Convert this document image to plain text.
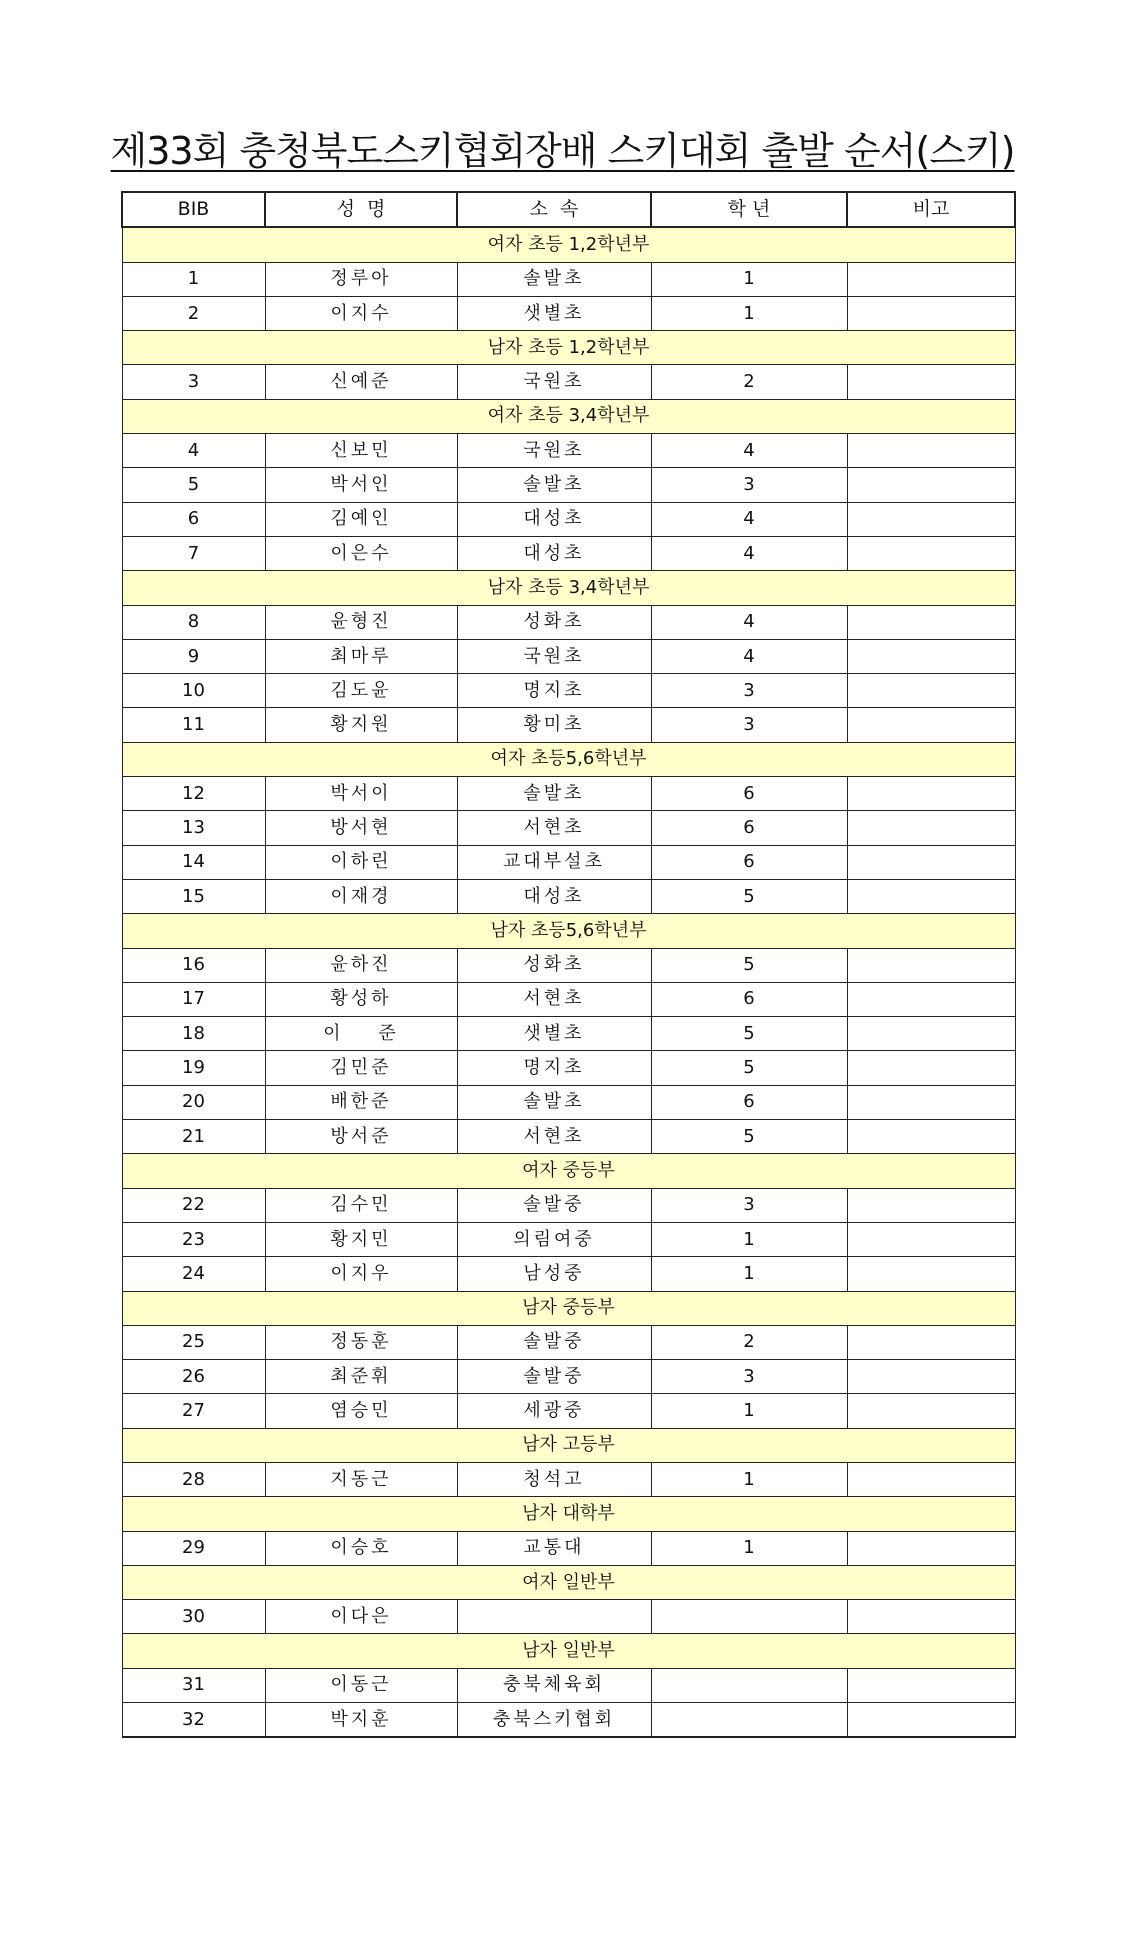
제33회 충청북도스키협회장배 스키대회 출발 순서(스키)
BIB	성  명	소  속	학 년	비고
여자 초등 1,2학년부				
1	정루아	솔발초	1	
2	이지수	샛별초	1	
남자 초등 1,2학년부				
3	신예준	국원초	2	
여자 초등 3,4학년부				
4	신보민	국원초	4	
5	박서인	솔발초	3	
6	김예인	대성초	4	
7	이은수	대성초	4	
남자 초등 3,4학년부				
8	윤형진	성화초	4	
9	최마루	국원초	4	
10	김도윤	명지초	3	
11	황지원	황미초	3	
여자 초등5,6학년부				
12	박서이	솔발초	6	
13	방서현	서현초	6	
14	이하린	교대부설초	6	
15	이재경	대성초	5	
남자 초등5,6학년부				
16	윤하진	성화초	5	
17	황성하	서현초	6	
18	이    준	샛별초	5	
19	김민준	명지초	5	
20	배한준	솔발초	6	
21	방서준	서현초	5	
여자 중등부				
22	김수민	솔발중	3	
23	황지민	의림여중	1	
24	이지우	남성중	1	
남자 중등부				
25	정동훈	솔발중	2	
26	최준휘	솔발중	3	
27	염승민	세광중	1	
남자 고등부				
28	지동근	청석고	1	
남자 대학부				
29	이승호	교통대	1	
여자 일반부				
30	이다은			
남자 일반부				
31	이동근	충북체육회		
32	박지훈	충북스키협회		
